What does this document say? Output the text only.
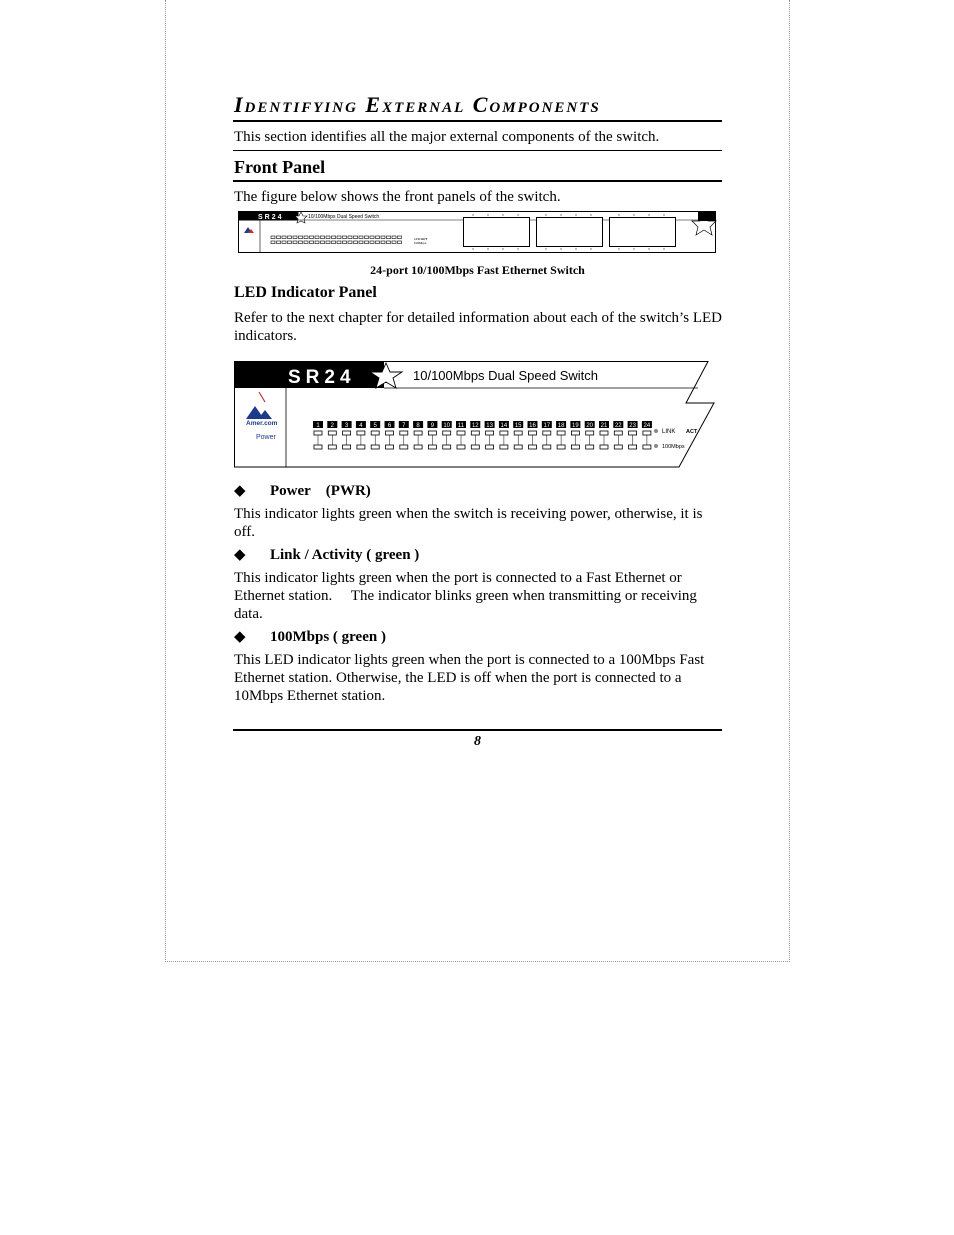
Identifying External Components

This section identifies all the major external components of the switch.

Front Panel

The figure below shows the front panels of the switch.

SR24	10/100Mbps Dual Speed Switch
LINK ACT
100Mbps

24-port 10/100Mbps Fast Ethernet Switch

LED Indicator Panel

Refer to the next chapter for detailed information about each of the switch’s LED indicators.

SR24	10/100Mbps Dual Speed Switch
Amer.com
Power
1 2 3 4 5 6 7 8 9 10 11 12 13 14 15 16 17 18 19 20 21 22 23 24
LINK ACT
100Mbps
◆ Power (PWR)

This indicator lights green when the switch is receiving power, otherwise, it is off.

◆ Link / Activity ( green )

This indicator lights green when the port is connected to a Fast Ethernet or Ethernet station.  The indicator blinks green when transmitting or receiving data.

◆ 100Mbps ( green )

This LED indicator lights green when the port is connected to a 100Mbps Fast Ethernet station. Otherwise, the LED is off when the port is connected to a 10Mbps Ethernet station.

8
